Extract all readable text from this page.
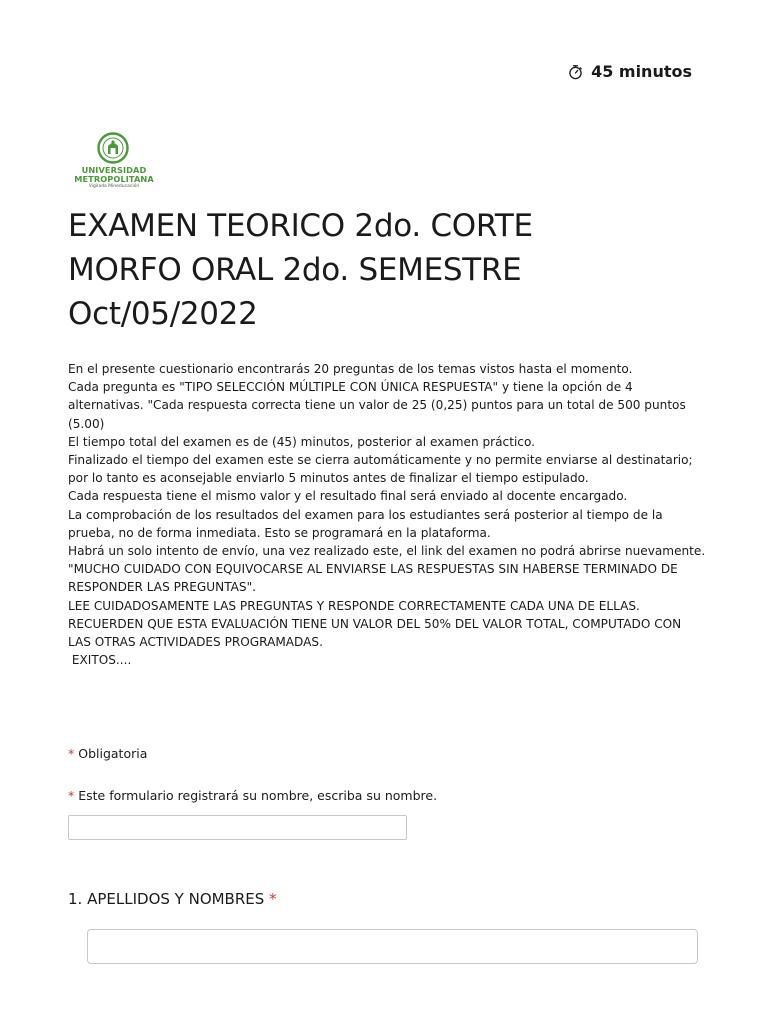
45 minutos
UNIVERSIDAD
METROPOLITANA
Vigilada Mineducación
EXAMEN TEORICO 2do. CORTE
MORFO ORAL 2do. SEMESTRE
Oct/05/2022
En el presente cuestionario encontrarás 20 preguntas de los temas vistos hasta el momento.
Cada pregunta es "TIPO SELECCIÓN MÚLTIPLE CON ÚNICA RESPUESTA" y tiene la opción de 4
alternativas. "Cada respuesta correcta tiene un valor de 25 (0,25) puntos para un total de 500 puntos
(5.00)
El tiempo total del examen es de (45) minutos, posterior al examen práctico.
Finalizado el tiempo del examen este se cierra automáticamente y no permite enviarse al destinatario;
por lo tanto es aconsejable enviarlo 5 minutos antes de finalizar el tiempo estipulado.
Cada respuesta tiene el mismo valor y el resultado final será enviado al docente encargado.
La comprobación de los resultados del examen para los estudiantes será posterior al tiempo de la
prueba, no de forma inmediata. Esto se programará en la plataforma.
Habrá un solo intento de envío, una vez realizado este, el link del examen no podrá abrirse nuevamente.
"MUCHO CUIDADO CON EQUIVOCARSE AL ENVIARSE LAS RESPUESTAS SIN HABERSE TERMINADO DE
RESPONDER LAS PREGUNTAS".
LEE CUIDADOSAMENTE LAS PREGUNTAS Y RESPONDE CORRECTAMENTE CADA UNA DE ELLAS.
RECUERDEN QUE ESTA EVALUACIÓN TIENE UN VALOR DEL 50% DEL VALOR TOTAL, COMPUTADO CON
LAS OTRAS ACTIVIDADES PROGRAMADAS.
EXITOS....
* Obligatoria
* Este formulario registrará su nombre, escriba su nombre.
1. APELLIDOS Y NOMBRES *
